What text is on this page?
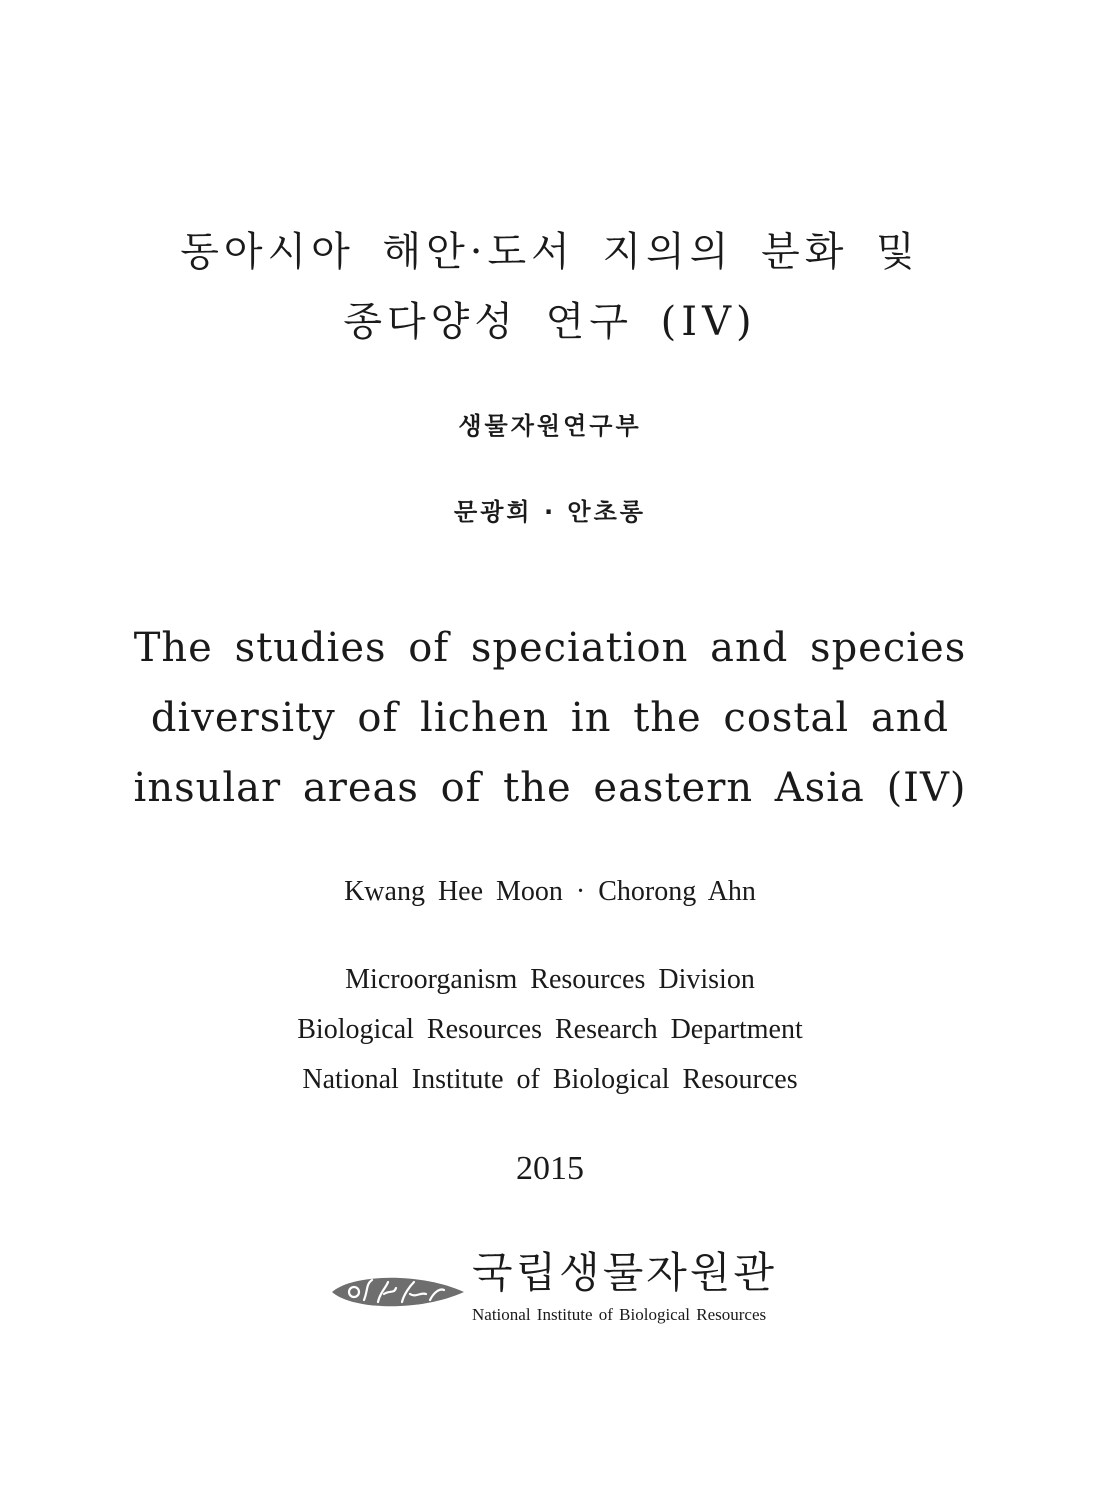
동아시아 해안·도서 지의의 분화 및
종다양성 연구 (IV)
생물자원연구부
문광희 · 안초롱
The studies of speciation and species
diversity of lichen in the costal and
insular areas of the eastern Asia (IV)
Kwang Hee Moon · Chorong Ahn
Microorganism Resources Division
Biological Resources Research Department
National Institute of Biological Resources
2015
국립생물자원관
National Institute of Biological Resources
